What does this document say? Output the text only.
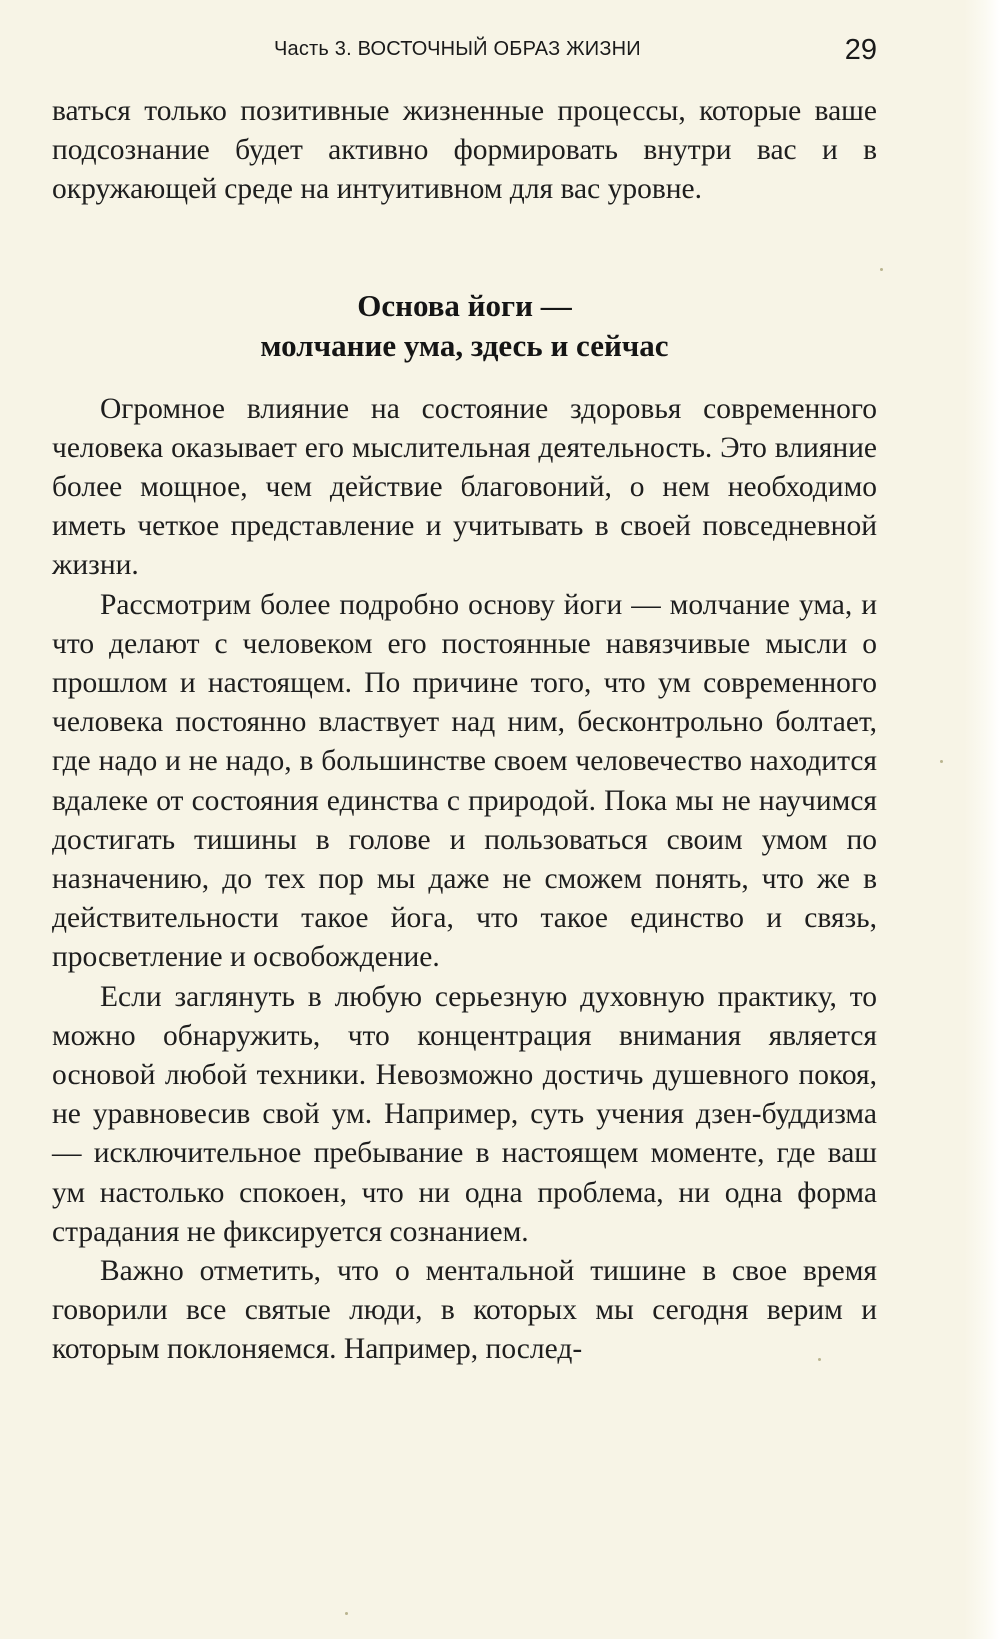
Часть 3. ВОСТОЧНЫЙ ОБРАЗ ЖИЗНИ	29

ваться только позитивные жизненные процессы, которые ваше подсознание будет активно формировать внутри вас и в окружающей среде на интуитивном для вас уровне.

Основа йоги —
молчание ума, здесь и сейчас

Огромное влияние на состояние здоровья современного человека оказывает его мыслительная деятельность. Это влияние более мощное, чем действие благовоний, о нем необходимо иметь четкое представление и учитывать в своей повседневной жизни.

Рассмотрим более подробно основу йоги — молчание ума, и что делают с человеком его постоянные навязчивые мысли о прошлом и настоящем. По причине того, что ум современного человека постоянно властвует над ним, бесконтрольно болтает, где надо и не надо, в большинстве своем человечество находится вдалеке от состояния единства с природой. Пока мы не научимся достигать тишины в голове и пользоваться своим умом по назначению, до тех пор мы даже не сможем понять, что же в действительности такое йога, что такое единство и связь, просветление и освобождение.

Если заглянуть в любую серьезную духовную практику, то можно обнаружить, что концентрация внимания является основой любой техники. Невозможно достичь душевного покоя, не уравновесив свой ум. Например, суть учения дзен-буддизма — исключительное пребывание в настоящем моменте, где ваш ум настолько спокоен, что ни одна проблема, ни одна форма страдания не фиксируется сознанием.

Важно отметить, что о ментальной тишине в свое время говорили все святые люди, в которых мы сегодня верим и которым поклоняемся. Например, послед-
